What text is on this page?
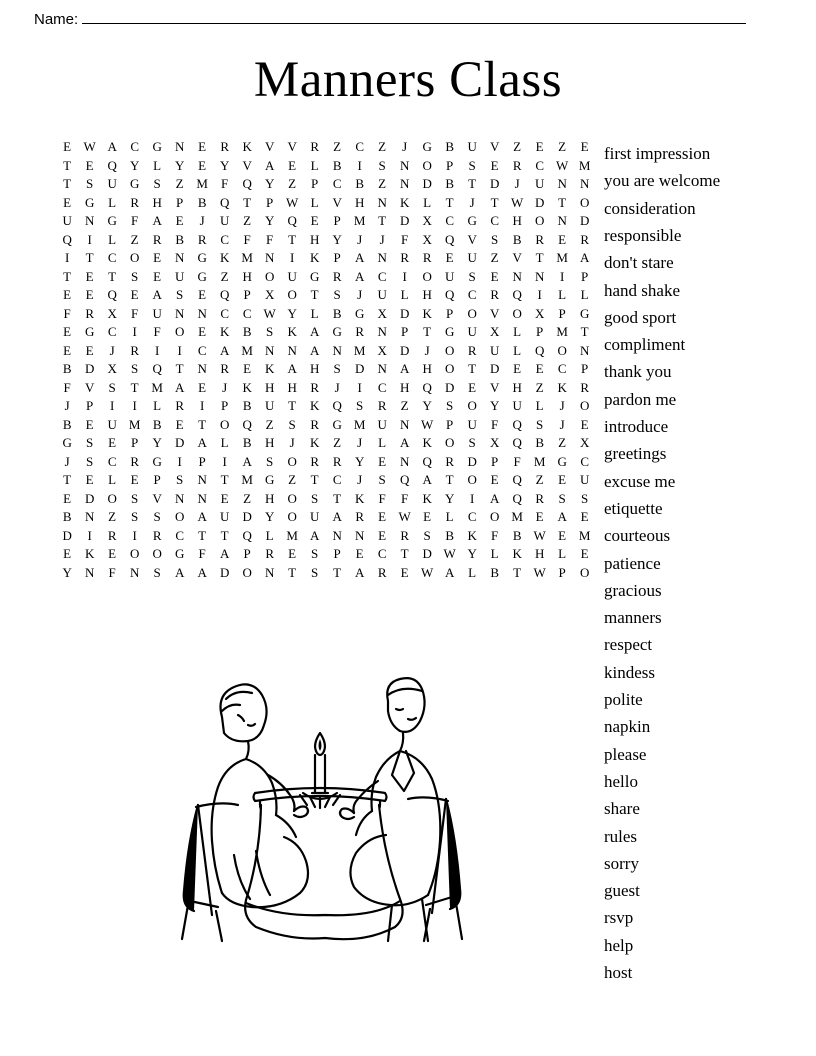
Name:
Manners Class
E	W	A	C	G	N	E	R	K	V	V	R	Z	C	Z	J	G	B	U	V	Z	E	Z	E
T	E	Q	Y	L	Y	E	Y	V	A	E	L	B	I	S	N	O	P	S	E	R	C	W	M
T	S	U	G	S	Z	M	F	Q	Y	Z	P	C	B	Z	N	D	B	T	D	J	U	N	N
E	G	L	R	H	P	B	Q	T	P	W	L	V	H	N	K	L	T	J	T	W	D	T	O
U	N	G	F	A	E	J	U	Z	Y	Q	E	P	M	T	D	X	C	G	C	H	O	N	D
Q	I	L	Z	R	B	R	C	F	F	T	H	Y	J	J	F	X	Q	V	S	B	R	E	R
I	T	C	O	E	N	G	K	M	N	I	K	P	A	N	R	R	E	U	Z	V	T	M	A
T	E	T	S	E	U	G	Z	H	O	U	G	R	A	C	I	O	U	S	E	N	N	I	P
E	E	Q	E	A	S	E	Q	P	X	O	T	S	J	U	L	H	Q	C	R	Q	I	L	L
F	R	X	F	U	N	N	C	C	W	Y	L	B	G	X	D	K	P	O	V	O	X	P	G
E	G	C	I	F	O	E	K	B	S	K	A	G	R	N	P	T	G	U	X	L	P	M	T
E	E	J	R	I	I	C	A	M	N	N	A	N	M	X	D	J	O	R	U	L	Q	O	N
B	D	X	S	Q	T	N	R	E	K	A	H	S	D	N	A	H	O	T	D	E	E	C	P
F	V	S	T	M	A	E	J	K	H	H	R	J	I	C	H	Q	D	E	V	H	Z	K	R
J	P	I	I	L	R	I	P	B	U	T	K	Q	S	R	Z	Y	S	O	Y	U	L	J	O
B	E	U	M	B	E	T	O	Q	Z	S	R	G	M	U	N	W	P	U	F	Q	S	J	E
G	S	E	P	Y	D	A	L	B	H	J	K	Z	J	L	A	K	O	S	X	Q	B	Z	X
J	S	C	R	G	I	P	I	A	S	O	R	R	Y	E	N	Q	R	D	P	F	M	G	C
T	E	L	E	P	S	N	T	M	G	Z	T	C	J	S	Q	A	T	O	E	Q	Z	E	U
E	D	O	S	V	N	N	E	Z	H	O	S	T	K	F	F	K	Y	I	A	Q	R	S	S
B	N	Z	S	S	O	A	U	D	Y	O	U	A	R	E	W	E	L	C	O	M	E	A	E
D	I	R	I	R	C	T	T	Q	L	M	A	N	N	E	R	S	B	K	F	B	W	E	M
E	K	E	O	O	G	F	A	P	R	E	S	P	E	C	T	D	W	Y	L	K	H	L	E
Y	N	F	N	S	A	A	D	O	N	T	S	T	A	R	E	W	A	L	B	T	W	P	O
first impression
you are welcome
consideration
responsible
don't stare
hand shake
good sport
compliment
thank you
pardon me
introduce
greetings
excuse me
etiquette
courteous
patience
gracious
manners
respect
kindess
polite
napkin
please
hello
share
rules
sorry
guest
rsvp
help
host
